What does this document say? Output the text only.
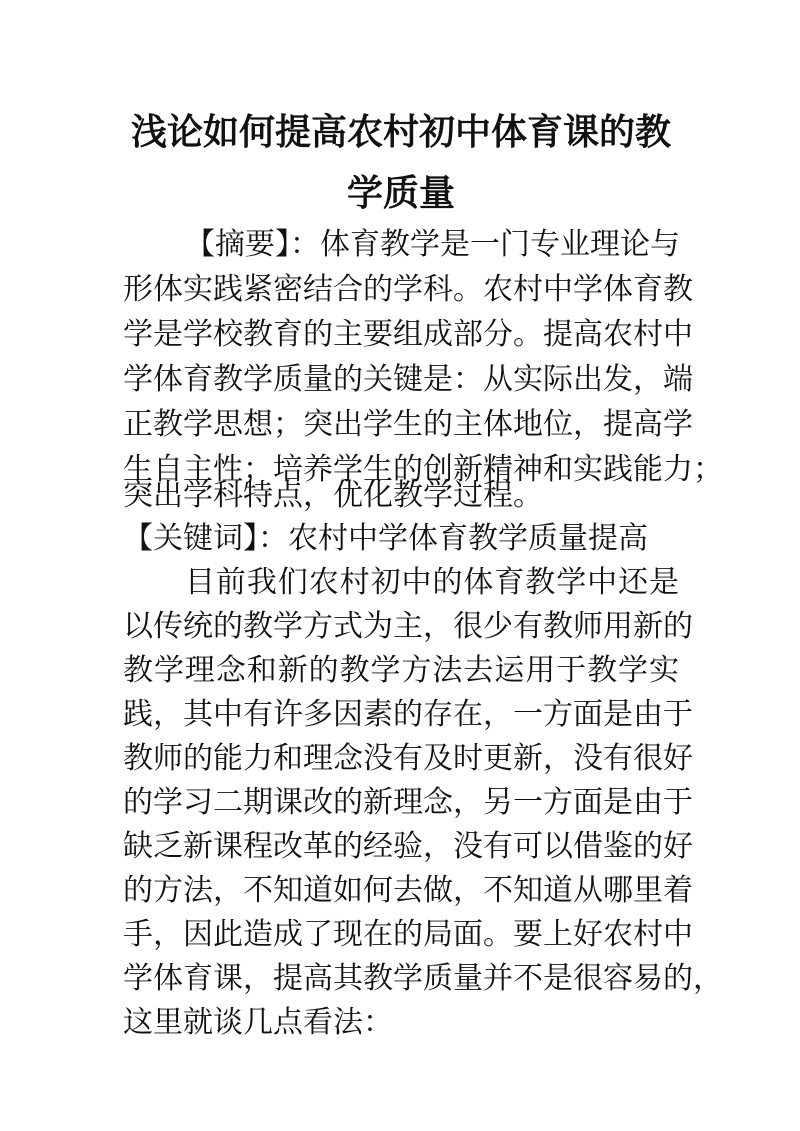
浅论如何提高农村初中体育课的教
学质量
【摘要】：体育教学是一门专业理论与
形体实践紧密结合的学科。农村中学体育教
学是学校教育的主要组成部分。提高农村中
学体育教学质量的关键是：从实际出发，端
正教学思想；突出学生的主体地位，提高学
生自主性；培养学生的创新精神和实践能力；
突出学科特点，优化教学过程。
【关键词】：农村中学体育教学质量提高
目前我们农村初中的体育教学中还是
以传统的教学方式为主，很少有教师用新的
教学理念和新的教学方法去运用于教学实
践，其中有许多因素的存在，一方面是由于
教师的能力和理念没有及时更新，没有很好
的学习二期课改的新理念，另一方面是由于
缺乏新课程改革的经验，没有可以借鉴的好
的方法，不知道如何去做，不知道从哪里着
手，因此造成了现在的局面。要上好农村中
学体育课，提高其教学质量并不是很容易的，
这里就谈几点看法：
